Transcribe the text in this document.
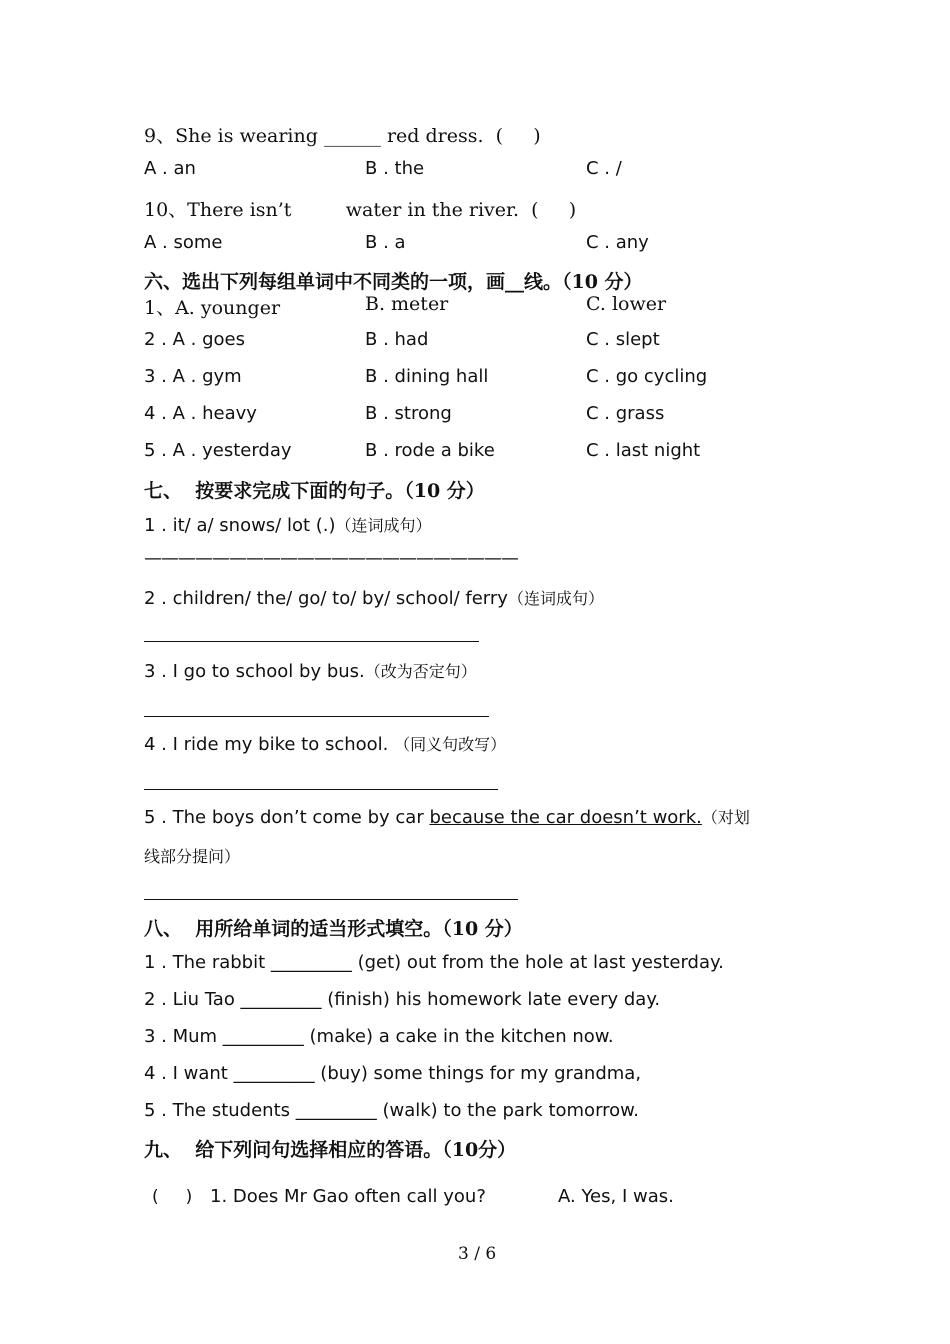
9、She is wearing ______ red dress.  (     )
A . an	B . the	C . /
10、There isn’t         water in the river.  (     )
A . some	B . a	C . any
六、选出下列每组单词中不同类的一项，画__线。（10 分）
1、A. younger	B. meter	C. lower
2 . A . goes	B . had	C . slept
3 . A . gym	B . dining hall	C . go cycling
4 . A . heavy	B . strong	C . grass
5 . A . yesterday	B . rode a bike	C . last night
七、  按要求完成下面的句子。（10 分）
1 . it/ a/ snows/ lot (.)（连词成句）
——————————————————————
2 . children/ the/ go/ to/ by/ school/ ferry（连词成句）
3 . I go to school by bus.（改为否定句）
4 . I ride my bike to school. （同义句改写）
5 . The boys don’t come by car because the car doesn’t work.（对划
线部分提问）
八、  用所给单词的适当形式填空。（10 分）
1 . The rabbit _________ (get) out from the hole at last yesterday.
2 . Liu Tao _________ (finish) his homework late every day.
3 . Mum _________ (make) a cake in the kitchen now.
4 . I want _________ (buy) some things for my grandma,
5 . The students _________ (walk) to the park tomorrow.
九、  给下列问句选择相应的答语。（10分）
(     ) 1. Does Mr Gao often call you?	A. Yes, I was.
3 / 6
